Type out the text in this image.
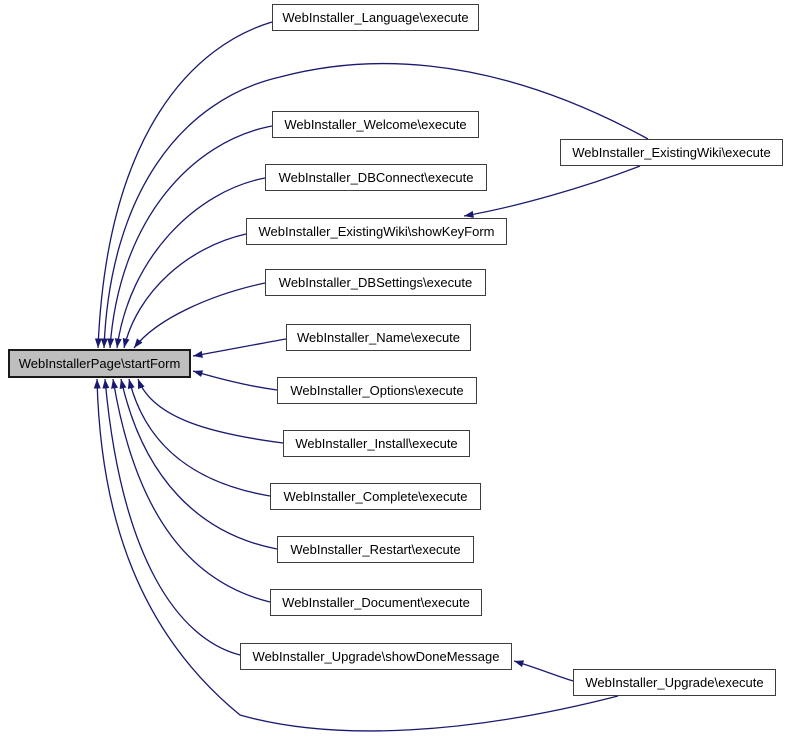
WebInstallerPage\startForm
WebInstaller_Language\execute
WebInstaller_Welcome\execute
WebInstaller_DBConnect\execute
WebInstaller_ExistingWiki\showKeyForm
WebInstaller_DBSettings\execute
WebInstaller_Name\execute
WebInstaller_Options\execute
WebInstaller_Install\execute
WebInstaller_Complete\execute
WebInstaller_Restart\execute
WebInstaller_Document\execute
WebInstaller_Upgrade\showDoneMessage
WebInstaller_ExistingWiki\execute
WebInstaller_Upgrade\execute
